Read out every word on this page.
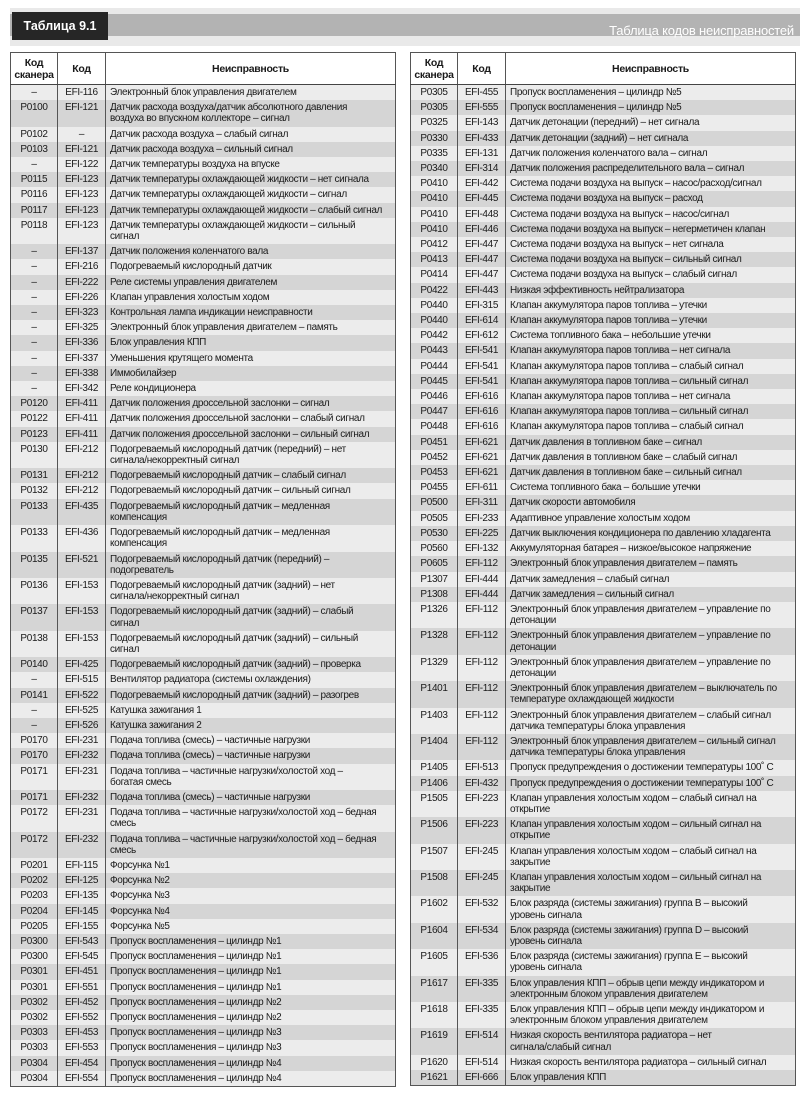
Таблица кодов неисправностей
Таблица 9.1
Код
сканера	Код	Неисправность
–	EFI-116	Электронный блок управления двигателем
P0100	EFI-121	Датчик расхода воздуха/датчик абсолютного давления
воздуха во впускном коллекторе – сигнал
P0102	–	Датчик расхода воздуха – слабый сигнал
P0103	EFI-121	Датчик расхода воздуха – сильный сигнал
–	EFI-122	Датчик температуры воздуха на впуске
P0115	EFI-123	Датчик температуры охлаждающей жидкости – нет сигнала
P0116	EFI-123	Датчик температуры охлаждающей жидкости – сигнал
P0117	EFI-123	Датчик температуры охлаждающей жидкости – слабый сигнал
P0118	EFI-123	Датчик температуры охлаждающей жидкости – сильный
сигнал
–	EFI-137	Датчик положения коленчатого вала
–	EFI-216	Подогреваемый кислородный датчик
–	EFI-222	Реле системы управления двигателем
–	EFI-226	Клапан управления холостым ходом
–	EFI-323	Контрольная лампа индикации неисправности
–	EFI-325	Электронный блок управления двигателем – память
–	EFI-336	Блок управления КПП
–	EFI-337	Уменьшения крутящего момента
–	EFI-338	Иммобилайзер
–	EFI-342	Реле кондиционера
P0120	EFI-411	Датчик положения дроссельной заслонки – сигнал
P0122	EFI-411	Датчик положения дроссельной заслонки – слабый сигнал
P0123	EFI-411	Датчик положения дроссельной заслонки – сильный сигнал
P0130	EFI-212	Подогреваемый кислородный датчик (передний) – нет
сигнала/некорректный сигнал
P0131	EFI-212	Подогреваемый кислородный датчик – слабый сигнал
P0132	EFI-212	Подогреваемый кислородный датчик – сильный сигнал
P0133	EFI-435	Подогреваемый кислородный датчик – медленная
компенсация
P0133	EFI-436	Подогреваемый кислородный датчик – медленная
компенсация
P0135	EFI-521	Подогреваемый кислородный датчик (передний) –
подогреватель
P0136	EFI-153	Подогреваемый кислородный датчик (задний) – нет
сигнала/некорректный сигнал
P0137	EFI-153	Подогреваемый кислородный датчик (задний) – слабый
сигнал
P0138	EFI-153	Подогреваемый кислородный датчик (задний) – сильный
сигнал
P0140	EFI-425	Подогреваемый кислородный датчик (задний) – проверка
–	EFI-515	Вентилятор радиатора (системы охлаждения)
P0141	EFI-522	Подогреваемый кислородный датчик (задний) – разогрев
–	EFI-525	Катушка зажигания 1
–	EFI-526	Катушка зажигания 2
P0170	EFI-231	Подача топлива (смесь) – частичные нагрузки
P0170	EFI-232	Подача топлива (смесь) – частичные нагрузки
P0171	EFI-231	Подача топлива – частичные нагрузки/холостой ход –
богатая смесь
P0171	EFI-232	Подача топлива (смесь) – частичные нагрузки
P0172	EFI-231	Подача топлива – частичные нагрузки/холостой ход – бедная
смесь
P0172	EFI-232	Подача топлива – частичные нагрузки/холостой ход – бедная
смесь
P0201	EFI-115	Форсунка №1
P0202	EFI-125	Форсунка №2
P0203	EFI-135	Форсунка №3
P0204	EFI-145	Форсунка №4
P0205	EFI-155	Форсунка №5
P0300	EFI-543	Пропуск воспламенения – цилиндр №1
P0300	EFI-545	Пропуск воспламенения – цилиндр №1
P0301	EFI-451	Пропуск воспламенения – цилиндр №1
P0301	EFI-551	Пропуск воспламенения – цилиндр №1
P0302	EFI-452	Пропуск воспламенения – цилиндр №2
P0302	EFI-552	Пропуск воспламенения – цилиндр №2
P0303	EFI-453	Пропуск воспламенения – цилиндр №3
P0303	EFI-553	Пропуск воспламенения – цилиндр №3
P0304	EFI-454	Пропуск воспламенения – цилиндр №4
P0304	EFI-554	Пропуск воспламенения – цилиндр №4
Код
сканера	Код	Неисправность
P0305	EFI-455	Пропуск воспламенения – цилиндр №5
P0305	EFI-555	Пропуск воспламенения – цилиндр №5
P0325	EFI-143	Датчик детонации (передний) – нет сигнала
P0330	EFI-433	Датчик детонации (задний) – нет сигнала
P0335	EFI-131	Датчик положения коленчатого вала – сигнал
P0340	EFI-314	Датчик положения распределительного вала – сигнал
P0410	EFI-442	Система подачи воздуха на выпуск – насос/расход/сигнал
P0410	EFI-445	Система подачи воздуха на выпуск – расход
P0410	EFI-448	Система подачи воздуха на выпуск – насос/сигнал
P0410	EFI-446	Система подачи воздуха на выпуск – негерметичен клапан
P0412	EFI-447	Система подачи воздуха на выпуск – нет сигнала
P0413	EFI-447	Система подачи воздуха на выпуск – сильный сигнал
P0414	EFI-447	Система подачи воздуха на выпуск – слабый сигнал
P0422	EFI-443	Низкая эффективность нейтрализатора
P0440	EFI-315	Клапан аккумулятора паров топлива – утечки
P0440	EFI-614	Клапан аккумулятора паров топлива – утечки
P0442	EFI-612	Система топливного бака – небольшие утечки
P0443	EFI-541	Клапан аккумулятора паров топлива – нет сигнала
P0444	EFI-541	Клапан аккумулятора паров топлива – слабый сигнал
P0445	EFI-541	Клапан аккумулятора паров топлива – сильный сигнал
P0446	EFI-616	Клапан аккумулятора паров топлива – нет сигнала
P0447	EFI-616	Клапан аккумулятора паров топлива – сильный сигнал
P0448	EFI-616	Клапан аккумулятора паров топлива – слабый сигнал
P0451	EFI-621	Датчик давления в топливном баке – сигнал
P0452	EFI-621	Датчик давления в топливном баке – слабый сигнал
P0453	EFI-621	Датчик давления в топливном баке – сильный сигнал
P0455	EFI-611	Система топливного бака – большие утечки
P0500	EFI-311	Датчик скорости автомобиля
P0505	EFI-233	Адаптивное управление холостым ходом
P0530	EFI-225	Датчик выключения кондиционера по давлению хладагента
P0560	EFI-132	Аккумуляторная батарея – низкое/высокое напряжение
P0605	EFI-112	Электронный блок управления двигателем – память
P1307	EFI-444	Датчик замедления – слабый сигнал
P1308	EFI-444	Датчик замедления – сильный сигнал
P1326	EFI-112	Электронный блок управления двигателем – управление по
детонации
P1328	EFI-112	Электронный блок управления двигателем – управление по
детонации
P1329	EFI-112	Электронный блок управления двигателем – управление по
детонации
P1401	EFI-112	Электронный блок управления двигателем – выключатель по
температуре охлаждающей жидкости
P1403	EFI-112	Электронный блок управления двигателем – слабый сигнал
датчика температуры блока управления
P1404	EFI-112	Электронный блок управления двигателем – сильный сигнал
датчика температуры блока управления
P1405	EFI-513	Пропуск предупреждения о достижении температуры 100˚ С
P1406	EFI-432	Пропуск предупреждения о достижении температуры 100˚ С
P1505	EFI-223	Клапан управления холостым ходом – слабый сигнал на
открытие
P1506	EFI-223	Клапан управления холостым ходом – сильный сигнал на
открытие
P1507	EFI-245	Клапан управления холостым ходом – слабый сигнал на
закрытие
P1508	EFI-245	Клапан управления холостым ходом – сильный сигнал на
закрытие
P1602	EFI-532	Блок разряда (системы зажигания) группа B – высокий
уровень сигнала
P1604	EFI-534	Блок разряда (системы зажигания) группа D – высокий
уровень сигнала
P1605	EFI-536	Блок разряда (системы зажигания) группа E – высокий
уровень сигнала
P1617	EFI-335	Блок управления КПП – обрыв цепи между индикатором и
электронным блоком управления двигателем
P1618	EFI-335	Блок управления КПП – обрыв цепи между индикатором и
электронным блоком управления двигателем
P1619	EFI-514	Низкая скорость вентилятора радиатора – нет
сигнала/слабый сигнал
P1620	EFI-514	Низкая скорость вентилятора радиатора – сильный сигнал
P1621	EFI-666	Блок управления КПП
